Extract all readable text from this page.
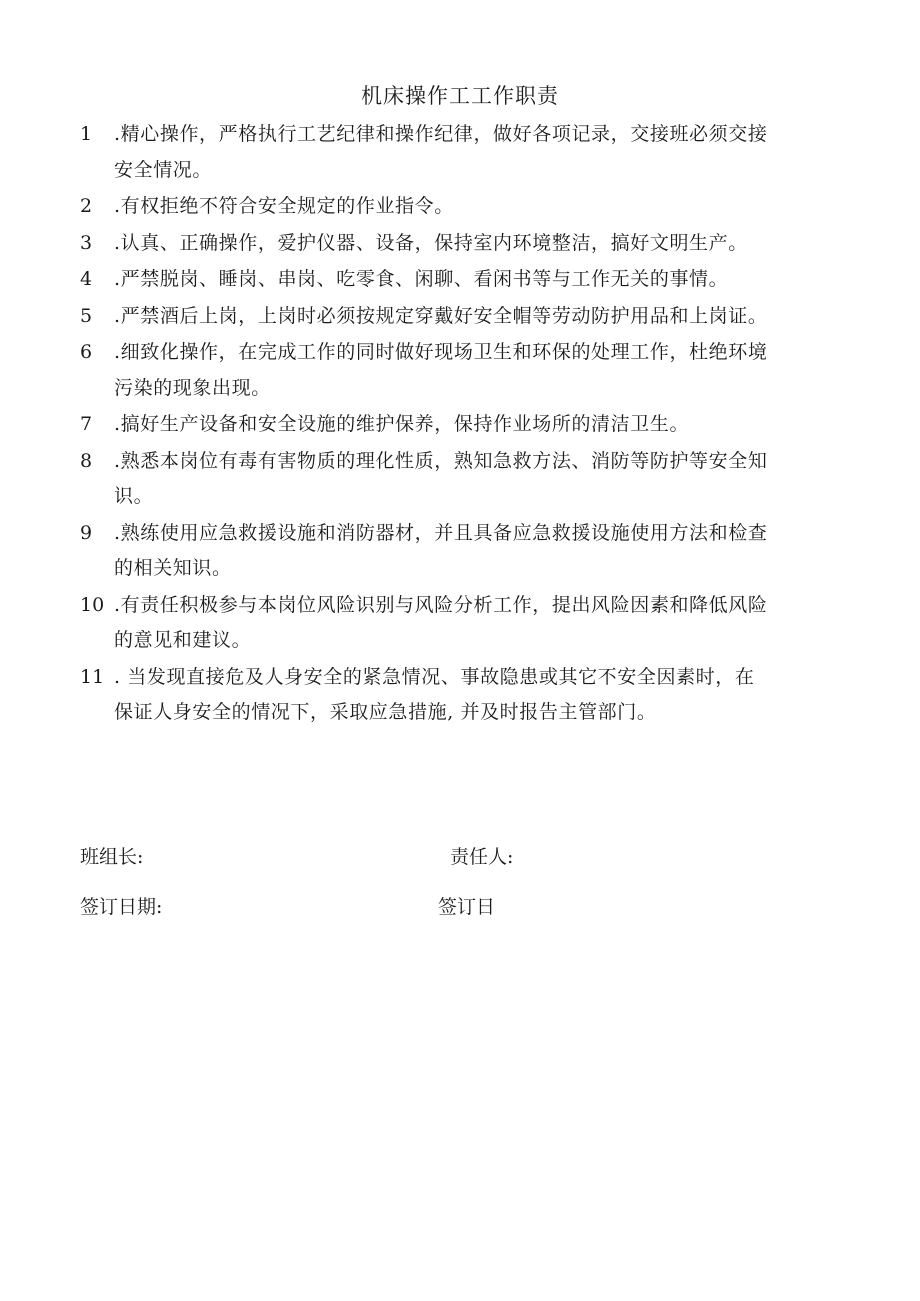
机床操作工工作职责
1	.精心操作，严格执行工艺纪律和操作纪律，做好各项记录，交接班必须交接
安全情况。
2	.有权拒绝不符合安全规定的作业指令。
3	.认真、正确操作，爱护仪器、设备，保持室内环境整洁，搞好文明生产。
4	.严禁脱岗、睡岗、串岗、吃零食、闲聊、看闲书等与工作无关的事情。
5	.严禁酒后上岗，上岗时必须按规定穿戴好安全帽等劳动防护用品和上岗证。
6	.细致化操作，在完成工作的同时做好现场卫生和环保的处理工作，杜绝环境
污染的现象出现。
7	.搞好生产设备和安全设施的维护保养，保持作业场所的清洁卫生。
8	.熟悉本岗位有毒有害物质的理化性质，熟知急救方法、消防等防护等安全知
识。
9	.熟练使用应急救援设施和消防器材，并且具备应急救援设施使用方法和检查
的相关知识。
10 .有责任积极参与本岗位风险识别与风险分析工作，提出风险因素和降低风险
的意见和建议。
11 . 当发现直接危及人身安全的紧急情况、事故隐患或其它不安全因素时，在
保证人身安全的情况下，采取应急措施, 并及时报告主管部门。
班组长:	责任人:
签订日期:	签订日
